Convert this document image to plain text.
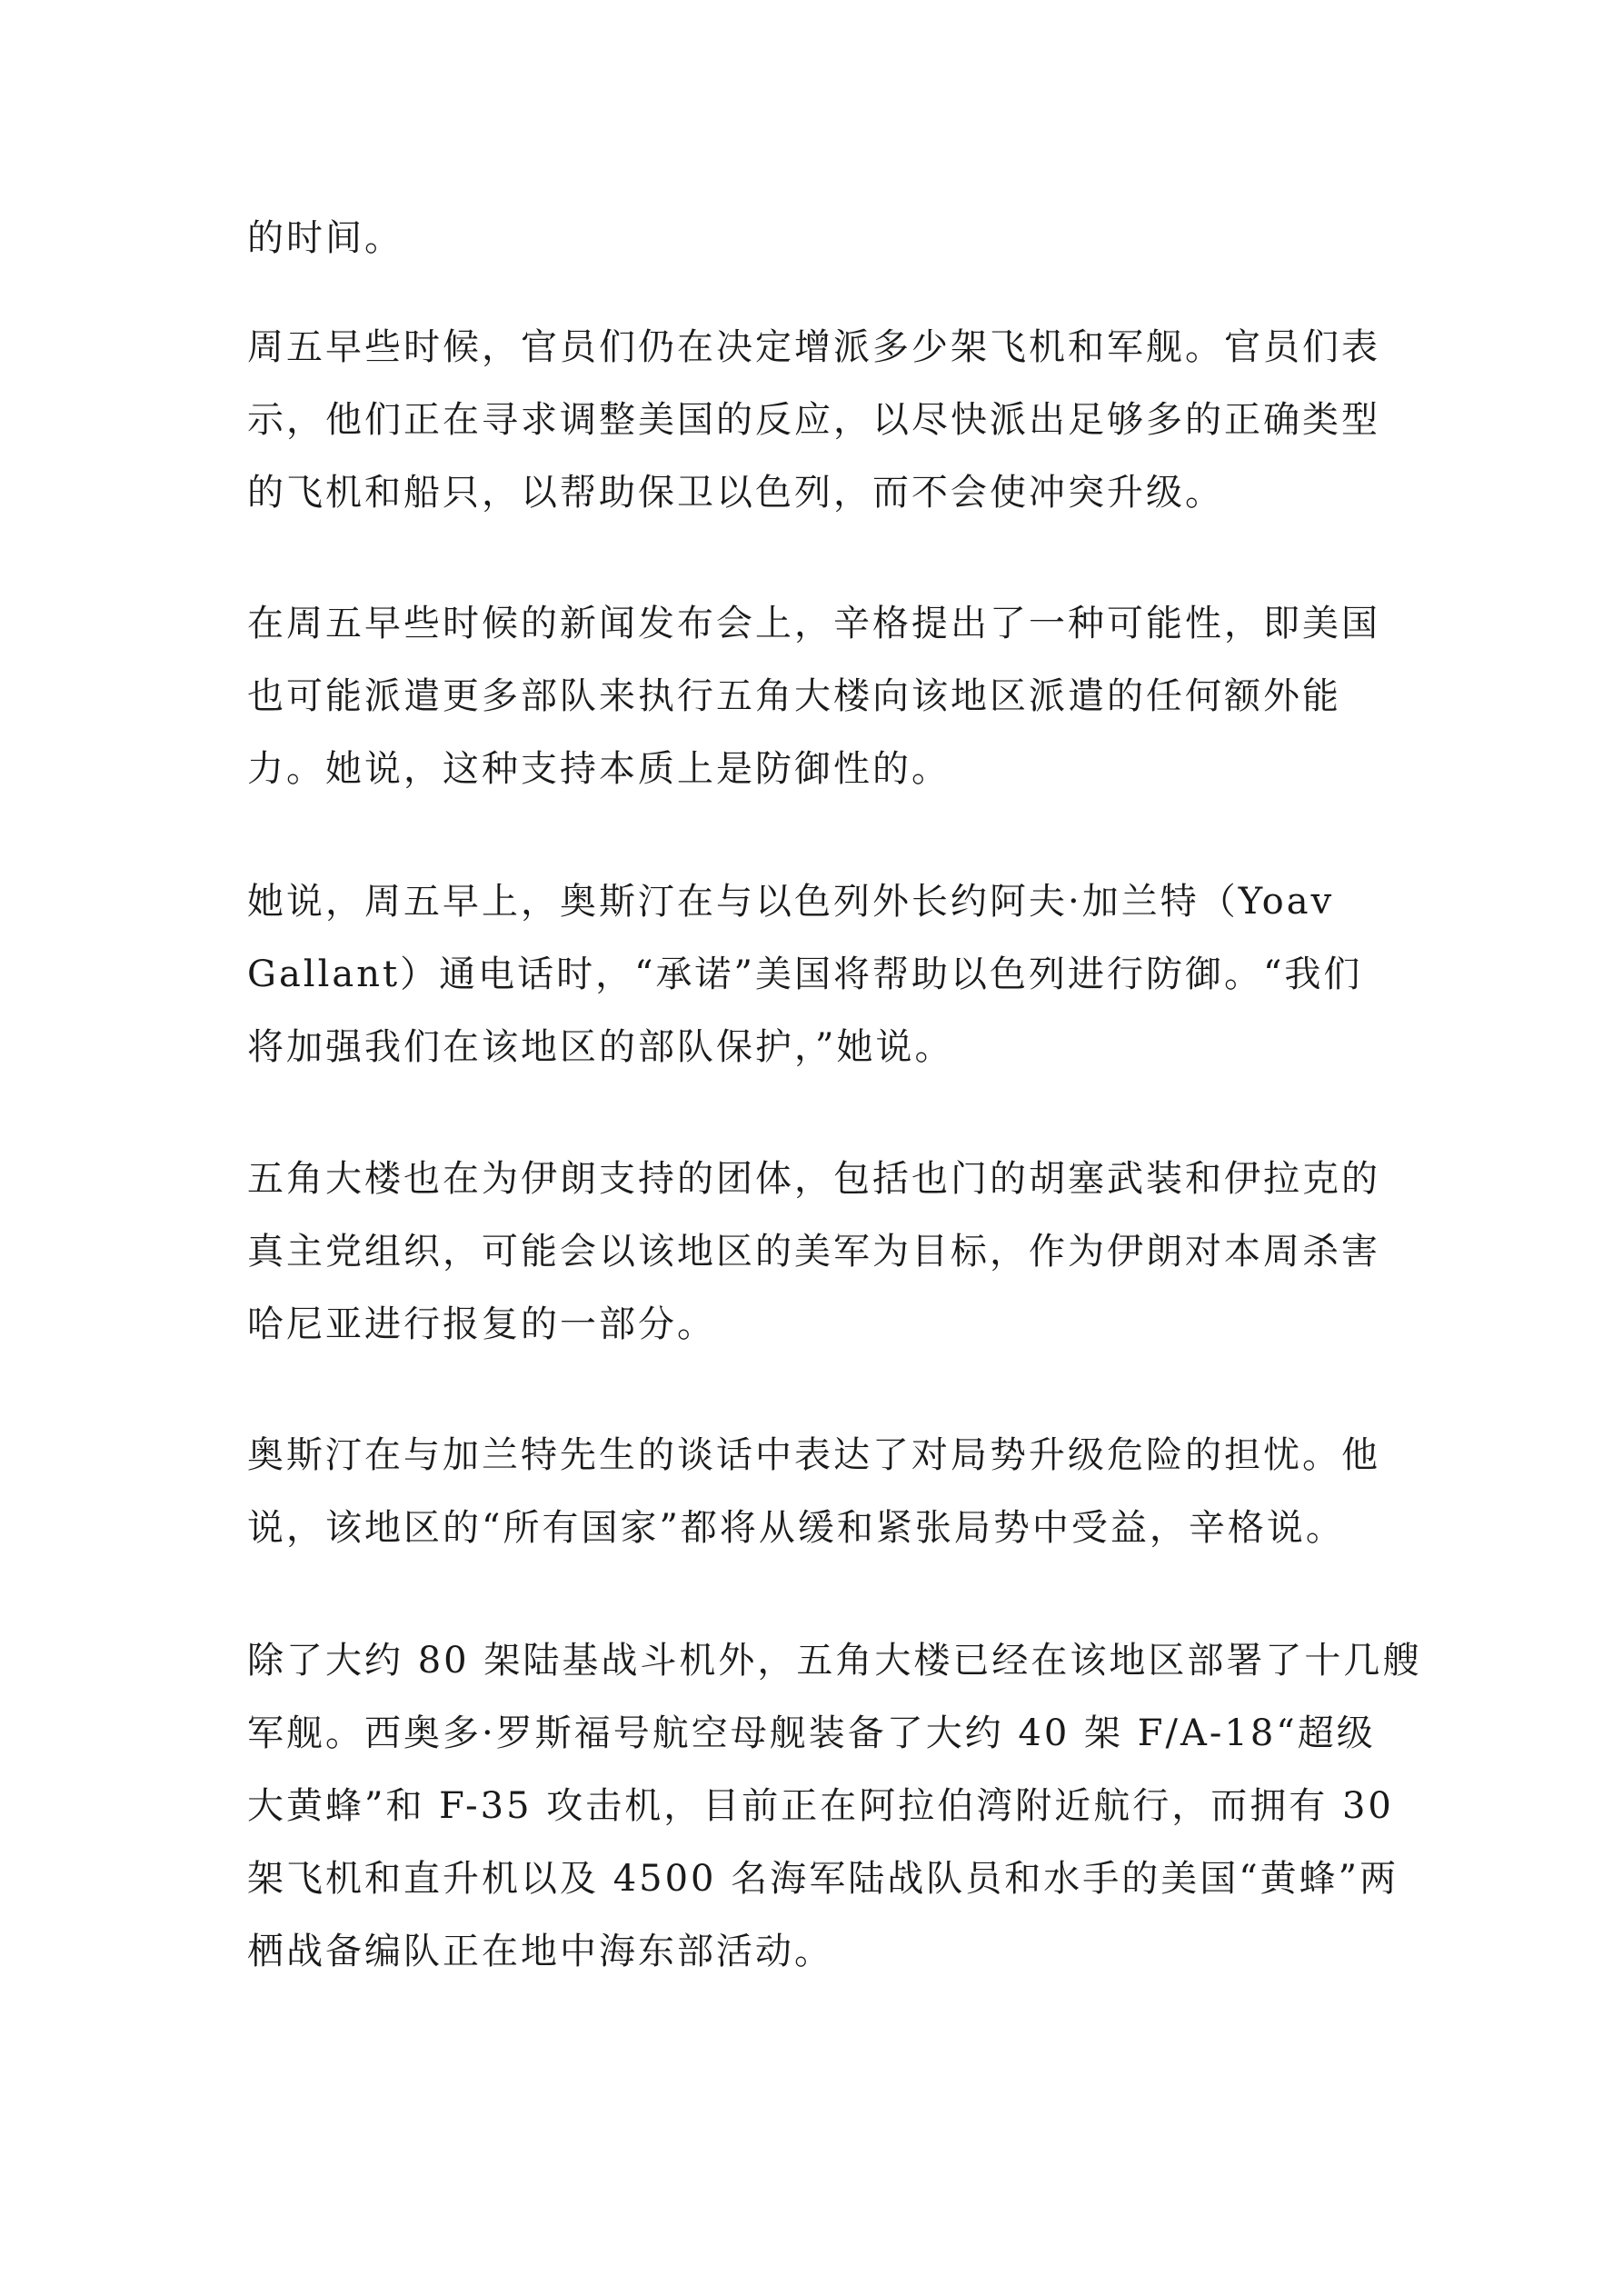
的时间。

周五早些时候，官员们仍在决定增派多少架飞机和军舰。官员们表
示，他们正在寻求调整美国的反应，以尽快派出足够多的正确类型
的飞机和船只，以帮助保卫以色列，而不会使冲突升级。

在周五早些时候的新闻发布会上，辛格提出了一种可能性，即美国
也可能派遣更多部队来执行五角大楼向该地区派遣的任何额外能
力。她说，这种支持本质上是防御性的。

她说，周五早上，奥斯汀在与以色列外长约阿夫·加兰特（Yoav
Gallant）通电话时，“承诺”美国将帮助以色列进行防御。“我们
将加强我们在该地区的部队保护，”她说。

五角大楼也在为伊朗支持的团体，包括也门的胡塞武装和伊拉克的
真主党组织，可能会以该地区的美军为目标，作为伊朗对本周杀害
哈尼亚进行报复的一部分。

奥斯汀在与加兰特先生的谈话中表达了对局势升级危险的担忧。他
说，该地区的“所有国家”都将从缓和紧张局势中受益，辛格说。

除了大约 80 架陆基战斗机外，五角大楼已经在该地区部署了十几艘
军舰。西奥多·罗斯福号航空母舰装备了大约 40 架 F/A-18“超级
大黄蜂”和 F-35 攻击机，目前正在阿拉伯湾附近航行，而拥有 30
架飞机和直升机以及 4500 名海军陆战队员和水手的美国“黄蜂”两
栖战备编队正在地中海东部活动。
